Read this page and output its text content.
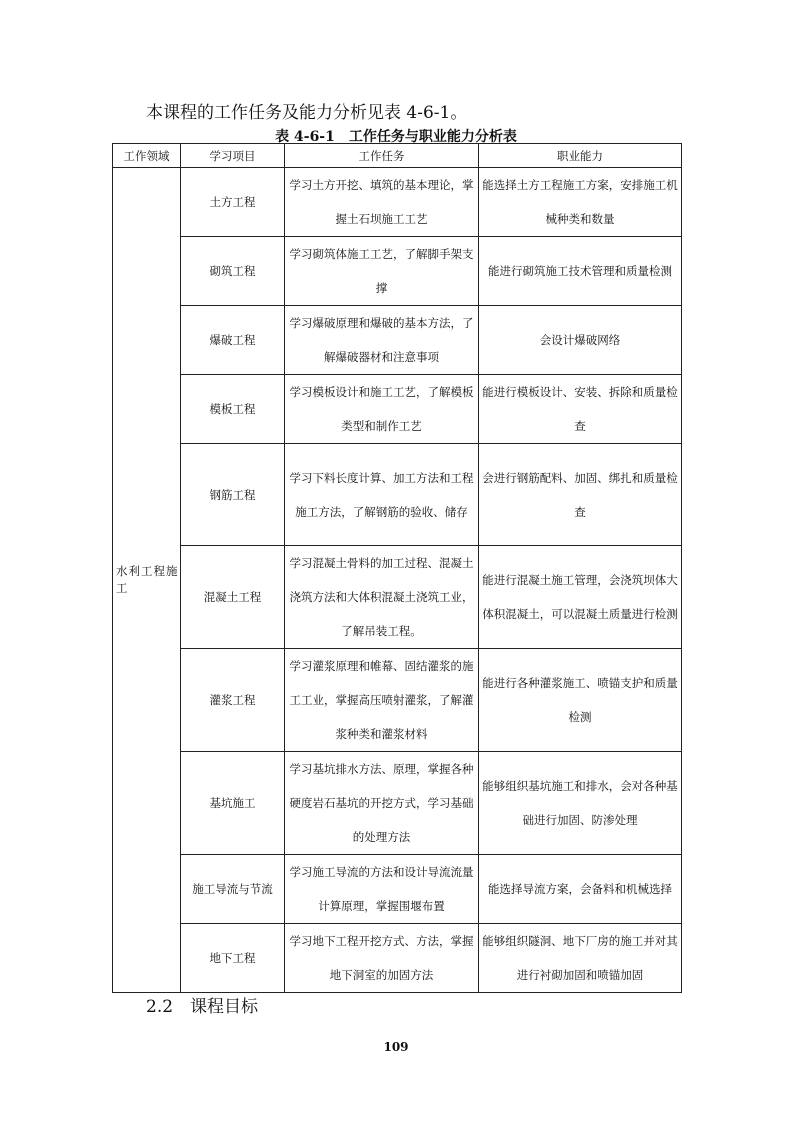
本课程的工作任务及能力分析见表 4-6-1。
表 4-6-1　工作任务与职业能力分析表
工作领域	学习项目	工作任务	职业能力
水利工程施工	土方工程	学习土方开挖、填筑的基本理论，掌握土石坝施工工艺	能选择土方工程施工方案，安排施工机械种类和数量
	砌筑工程	学习砌筑体施工工艺，了解脚手架支撑	能进行砌筑施工技术管理和质量检测
	爆破工程	学习爆破原理和爆破的基本方法，了解爆破器材和注意事项	会设计爆破网络
	模板工程	学习模板设计和施工工艺，了解模板类型和制作工艺	能进行模板设计、安装、拆除和质量检查
	钢筋工程	学习下料长度计算、加工方法和工程施工方法，了解钢筋的验收、储存	会进行钢筋配料、加固、绑扎和质量检查
	混凝土工程	学习混凝土骨料的加工过程、混凝土浇筑方法和大体积混凝土浇筑工业，了解吊装工程。	能进行混凝土施工管理，会浇筑坝体大体积混凝土，可以混凝土质量进行检测
	灌浆工程	学习灌浆原理和帷幕、固结灌浆的施工工业，掌握高压喷射灌浆，了解灌浆种类和灌浆材料	能进行各种灌浆施工、喷锚支护和质量检测
	基坑施工	学习基坑排水方法、原理，掌握各种硬度岩石基坑的开挖方式，学习基础的处理方法	能够组织基坑施工和排水，会对各种基础进行加固、防渗处理
	施工导流与节流	学习施工导流的方法和设计导流流量计算原理，掌握围堰布置	能选择导流方案，会备料和机械选择
	地下工程	学习地下工程开挖方式、方法，掌握地下洞室的加固方法	能够组织隧洞、地下厂房的施工并对其进行衬砌加固和喷锚加固
2.2　课程目标
109
